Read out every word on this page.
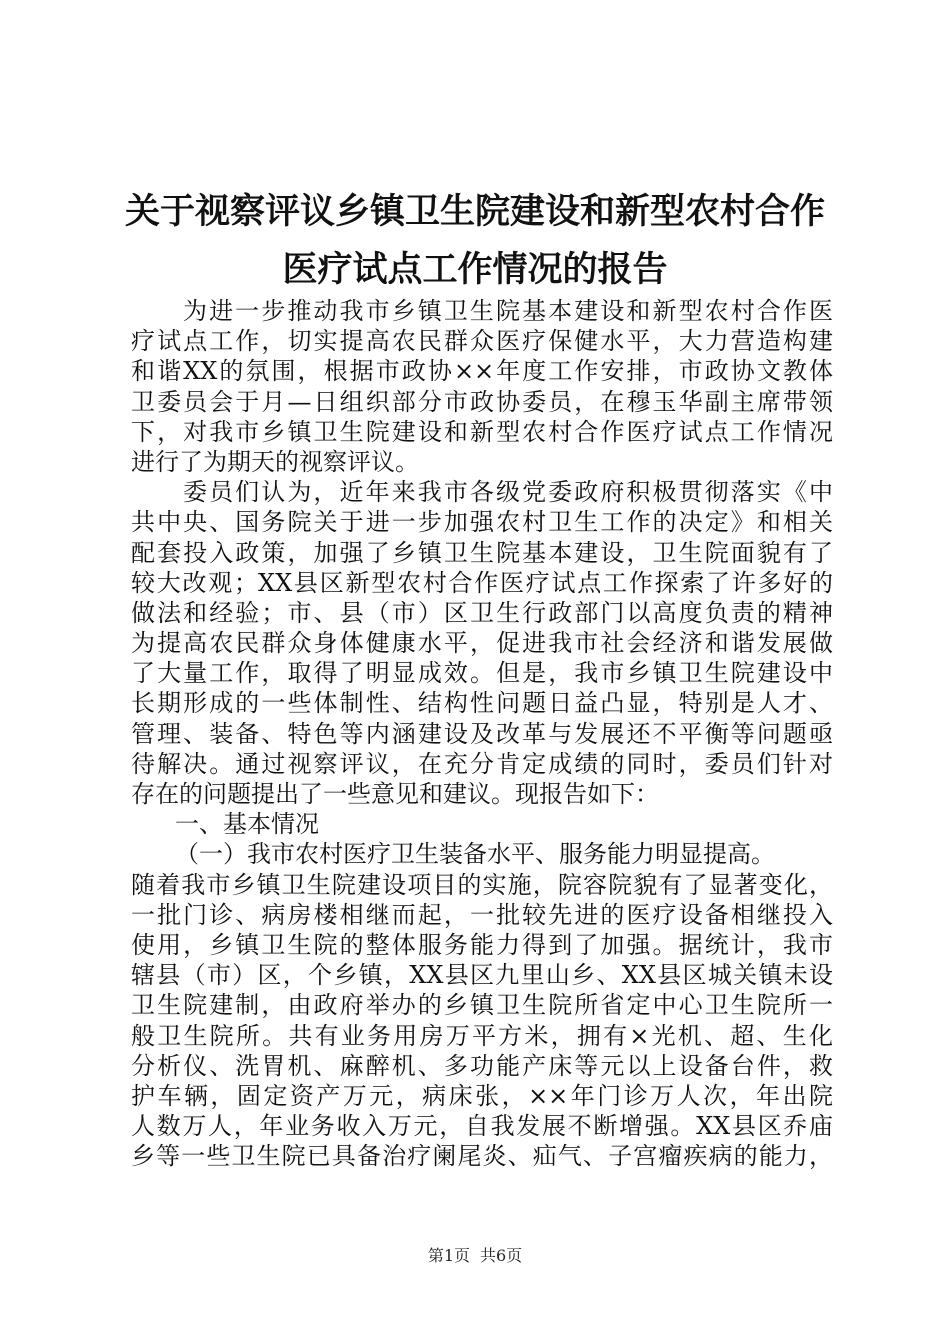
关于视察评议乡镇卫生院建设和新型农村合作
医疗试点工作情况的报告
为进一步推动我市乡镇卫生院基本建设和新型农村合作医
疗试点工作，切实提高农民群众医疗保健水平，大力营造构建
和谐XX的氛围，根据市政协××年度工作安排，市政协文教体
卫委员会于月—日组织部分市政协委员，在穆玉华副主席带领
下，对我市乡镇卫生院建设和新型农村合作医疗试点工作情况
进行了为期天的视察评议。
委员们认为，近年来我市各级党委政府积极贯彻落实《中
共中央、国务院关于进一步加强农村卫生工作的决定》和相关
配套投入政策，加强了乡镇卫生院基本建设，卫生院面貌有了
较大改观；XX县区新型农村合作医疗试点工作探索了许多好的
做法和经验；市、县（市）区卫生行政部门以高度负责的精神
为提高农民群众身体健康水平，促进我市社会经济和谐发展做
了大量工作，取得了明显成效。但是，我市乡镇卫生院建设中
长期形成的一些体制性、结构性问题日益凸显，特别是人才、
管理、装备、特色等内涵建设及改革与发展还不平衡等问题亟
待解决。通过视察评议，在充分肯定成绩的同时，委员们针对
存在的问题提出了一些意见和建议。现报告如下：
一、基本情况
（一）我市农村医疗卫生装备水平、服务能力明显提高。
随着我市乡镇卫生院建设项目的实施，院容院貌有了显著变化，
一批门诊、病房楼相继而起，一批较先进的医疗设备相继投入
使用，乡镇卫生院的整体服务能力得到了加强。据统计，我市
辖县（市）区，个乡镇，XX县区九里山乡、XX县区城关镇未设
卫生院建制，由政府举办的乡镇卫生院所省定中心卫生院所一
般卫生院所。共有业务用房万平方米，拥有×光机、超、生化
分析仪、洗胃机、麻醉机、多功能产床等元以上设备台件，救
护车辆，固定资产万元，病床张，××年门诊万人次，年出院
人数万人，年业务收入万元，自我发展不断增强。XX县区乔庙
乡等一些卫生院已具备治疗阑尾炎、疝气、子宫瘤疾病的能力，
第1页 共6页
